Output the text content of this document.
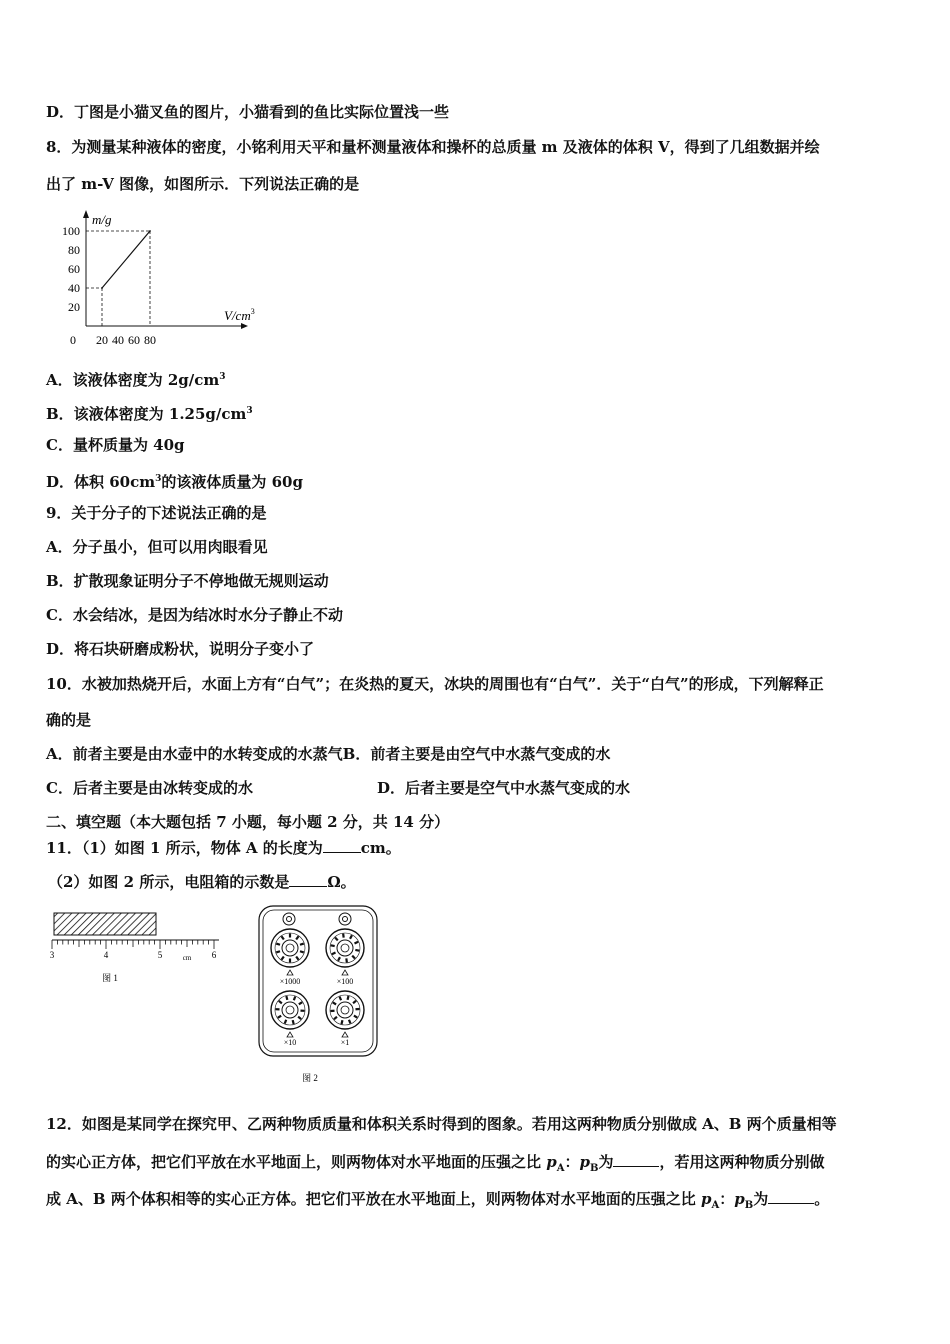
D．丁图是小猫叉鱼的图片，小猫看到的鱼比实际位置浅一些
8．为测量某种液体的密度，小铭利用天平和量杯测量液体和操杯的总质量 m 及液体的体积 V，得到了几组数据并绘
出了 m-V 图像，如图所示．下列说法正确的是
m/g
$V/cm^3$
0 20 40 60 80
20
40
60
80
100
A．该液体密度为 $2g/cm^3$
B．该液体密度为 $1.25g/cm^3$
C．量杯质量为 40g
D．体积 $60cm^3$的该液体质量为 60g
9．关于分子的下述说法正确的是
A．分子虽小，但可以用肉眼看见
B．扩散现象证明分子不停地做无规则运动
C．水会结冰，是因为结冰时水分子静止不动
D．将石块研磨成粉状，说明分子变小了
10．水被加热烧开后，水面上方有“白气”；在炎热的夏天，冰块的周围也有“白气”．关于“白气”的形成，下列解释正
确的是
A．前者主要是由水壶中的水转变成的水蒸气B．前者主要是由空气中水蒸气变成的水
C．后者主要是由冰转变成的水	D．后者主要是空气中水蒸气变成的水
二、填空题（本大题包括 7 小题，每小题 2 分，共 14 分）
11．（1）如图 1 所示，物体 A 的长度为	cm。
（2）如图 2 所示，电阻箱的示数是	Ω。
3	4	5	cm 6
图 1	×1000	×100
×10	×1
图 2
12．如图是某同学在探究甲、乙两种物质质量和体积关系时得到的图象。若用这两种物质分别做成 A、B 两个质量相等
的实心正方体，把它们平放在水平地面上，则两物体对水平地面的压强之比 $p_A$：$p_B$为	，若用这两种物质分别做
成 A、B 两个体积相等的实心正方体。把它们平放在水平地面上，则两物体对水平地面的压强之比 $p_A$：$p_B$为	。
